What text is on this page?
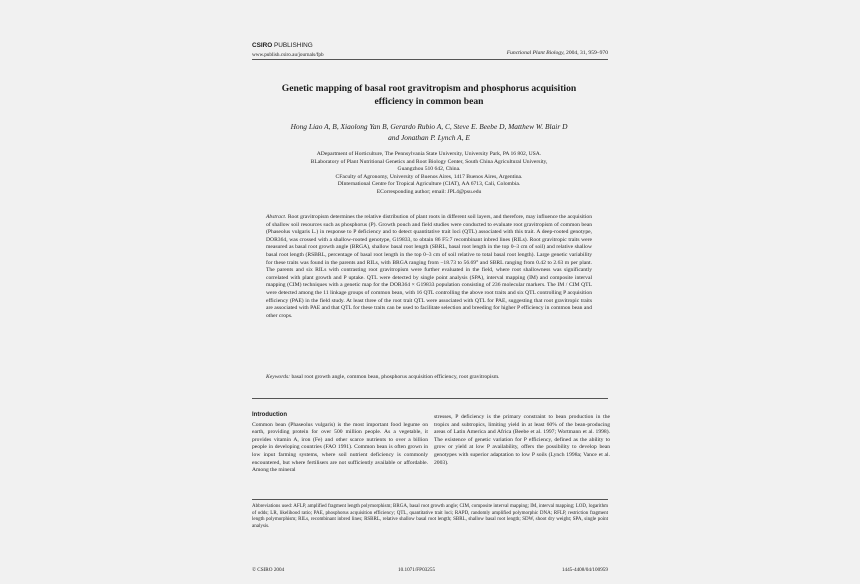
CSIRO PUBLISHING
www.publish.csiro.au/journals/fpb	Functional Plant Biology, 2004, 31, 959–970
Genetic mapping of basal root gravitropism and phosphorus acquisition
efficiency in common bean
Hong Liao A, B, Xiaolong Yan B, Gerardo Rubio A, C, Steve E. Beebe D, Matthew W. Blair D
and Jonathan P. Lynch A, E
ADepartment of Horticulture, The Pennsylvania State University, University Park, PA 16 802, USA.
BLaboratory of Plant Nutritional Genetics and Root Biology Center, South China Agricultural University,
Guangzhou 510 642, China.
CFaculty of Agronomy, University of Buenos Aires, 1417 Buenos Aires, Argentina.
DInternational Centre for Tropical Agriculture (CIAT), AA 6713, Cali, Colombia.
ECorresponding author; email: JPL4@psu.edu
Abstract. Root gravitropism determines the relative distribution of plant roots in different soil layers, and therefore, may influence the acquisition of shallow soil resources such as phosphorus (P). Growth pouch and field studies were conducted to evaluate root gravitropism of common bean (Phaseolus vulgaris L.) in response to P deficiency and to detect quantitative trait loci (QTL) associated with this trait. A deep-rooted genotype, DOR364, was crossed with a shallow-rooted genotype, G19833, to obtain 86 F5:7 recombinant inbred lines (RILs). Root gravitropic traits were measured as basal root growth angle (BRGA), shallow basal root length (SBRL, basal root length in the top 0–3 cm of soil) and relative shallow basal root length (RSBRL, percentage of basal root length in the top 0–3 cm of soil relative to total basal root length). Large genetic variability for these traits was found in the parents and RILs, with BRGA ranging from −18.73 to 56.69° and SBRL ranging from 0.42 to 2.63 m per plant. The parents and six RILs with contrasting root gravitropism were further evaluated in the field, where root shallowness was significantly correlated with plant growth and P uptake. QTL were detected by single point analysis (SPA), interval mapping (IM) and composite interval mapping (CIM) techniques with a genetic map for the DOR364 × G19833 population consisting of 236 molecular markers. The IM / CIM QTL were detected among the 11 linkage groups of common bean, with 16 QTL controlling the above root traits and six QTL controlling P acquisition efficiency (PAE) in the field study. At least three of the root trait QTL were associated with QTL for PAE, suggesting that root gravitropic traits are associated with PAE and that QTL for these traits can be used to facilitate selection and breeding for higher P efficiency in common bean and other crops.
Keywords: basal root growth angle, common bean, phosphorus acquisition efficiency, root gravitropism.
Introduction
Common bean (Phaseolus vulgaris) is the most important food legume on earth, providing protein for over 500 million people. As a vegetable, it provides vitamin A, iron (Fe) and other scarce nutrients to over a billion people in developing countries (FAO 1991). Common bean is often grown in low input farming systems, where soil nutrient deficiency is commonly encountered, but where fertilisers are not sufficiently available or affordable. Among the mineral
stresses, P deficiency is the primary constraint to bean production in the tropics and subtropics, limiting yield in at least 60% of the bean-producing areas of Latin America and Africa (Beebe et al. 1997; Wortmann et al. 1998). The existence of genetic variation for P efficiency, defined as the ability to grow or yield at low P availability, offers the possibility to develop bean genotypes with superior adaptation to low P soils (Lynch 1998a; Vance et al. 2003).
Abbreviations used: AFLP, amplified fragment length polymorphism; BRGA, basal root growth angle; CIM, composite interval mapping; IM, interval mapping; LOD, logarithm of odds; LR, likelihood ratio; PAE, phosphorus acquisition efficiency; QTL, quantitative trait loci; RAPD, randomly amplified polymorphic DNA; RFLP, restriction fragment length polymorphism; RILs, recombinant inbred lines; RSBRL, relative shallow basal root length; SBRL, shallow basal root length; SDW, shoot dry weight; SPA, single point analysis.
© CSIRO 2004	10.1071/FP03255	1445-4408/04/100959
